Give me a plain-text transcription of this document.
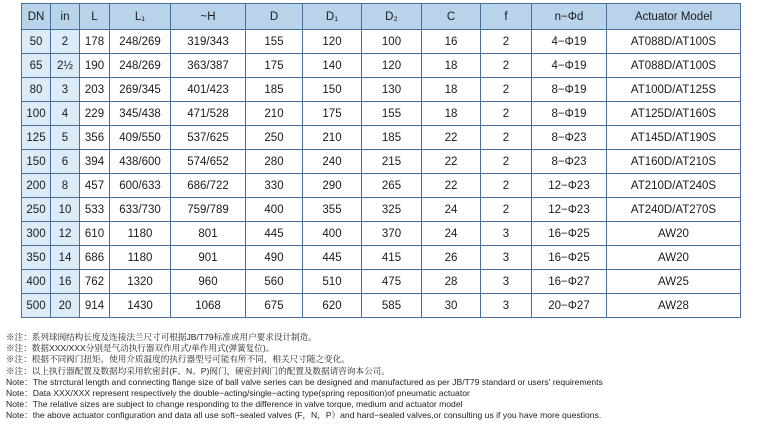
DN	in	L	L₁	~H	D	D₁	D₂	C	f	n−Φd	Actuator Model
50	2	178	248/269	319/343	155	120	100	16	2	4−Φ19	AT088D/AT100S
65	2½	190	248/269	363/387	175	140	120	18	2	4−Φ19	AT088D/AT100S
80	3	203	269/345	401/423	185	150	130	18	2	8−Φ19	AT100D/AT125S
100	4	229	345/438	471/528	210	175	155	18	2	8−Φ19	AT125D/AT160S
125	5	356	409/550	537/625	250	210	185	22	2	8−Φ23	AT145D/AT190S
150	6	394	438/600	574/652	280	240	215	22	2	8−Φ23	AT160D/AT210S
200	8	457	600/633	686/722	330	290	265	22	2	12−Φ23	AT210D/AT240S
250	10	533	633/730	759/789	400	355	325	24	2	12−Φ23	AT240D/AT270S
300	12	610	1180	801	445	400	370	24	3	16−Φ25	AW20
350	14	686	1180	901	490	445	415	26	3	16−Φ25	AW20
400	16	762	1320	960	560	510	475	28	3	16−Φ27	AW25
500	20	914	1430	1068	675	620	585	30	3	20−Φ27	AW28
※注：系列球阀结构长度及连接法兰尺寸可根据JB/T79标准或用户要求设计制造。
※注：数据XXX/XXX分别是气动执行器双作用式/单作用式(弹簧复位)。
※注：根据不同阀门扭矩、使用介质温度的执行器型号可能有所不同，相关尺寸随之变化。
※注：以上执行器配置及数据均采用软密封(F、N、P)阀门，硬密封阀门的配置及数据请咨询本公司。
Note：The strrctural length and connecting flange size of ball valve series can be designed and manufactured as per JB/T79 standard or users' requirements
Note：Data XXX/XXX represent respectively the double−acting/single−acting type(spring reposition)of pneumatic actuator
Note：The relative sizes are subject to change responding to the difference in valve torque, medium and actuator model
Note：the above actuator configuration and data all use soft−sealed valves (F，N，P）and hard−sealed valves,or consulting us if you have more questions.
